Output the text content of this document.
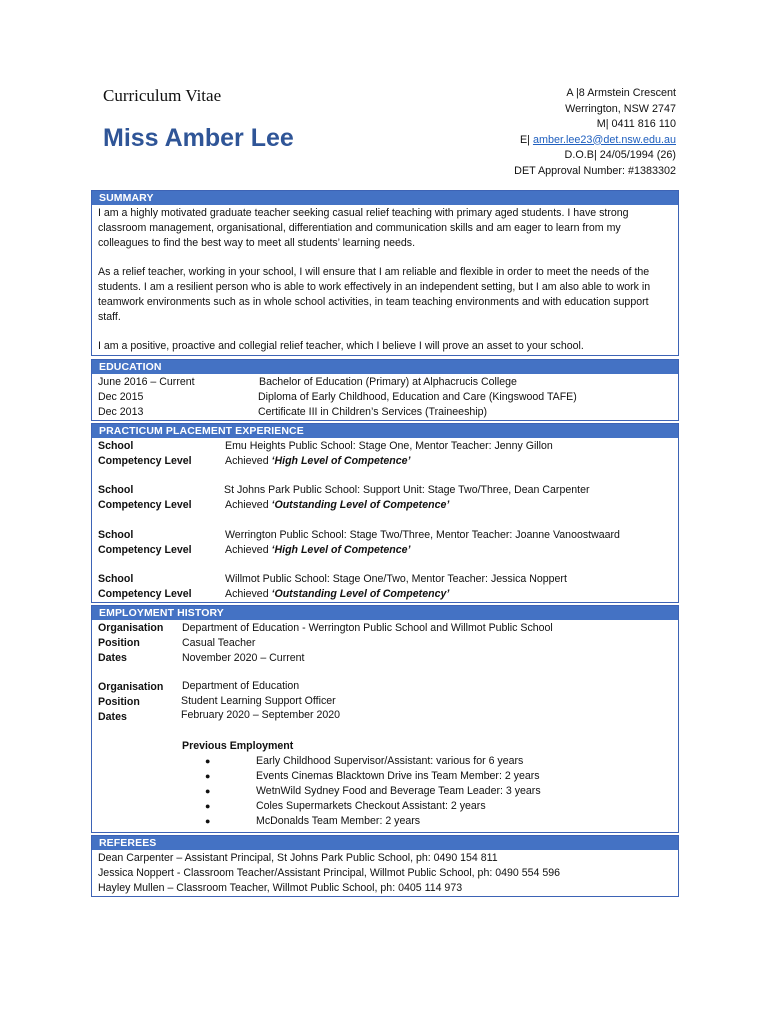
Curriculum Vitae
Miss Amber Lee
A |8 Armstein Crescent
Werrington, NSW 2747
M| 0411 816 110
E| amber.lee23@det.nsw.edu.au
D.O.B| 24/05/1994 (26)
DET Approval Number: #1383302
SUMMARY

I am a highly motivated graduate teacher seeking casual relief teaching with primary aged students. I have strong classroom management, organisational, differentiation and communication skills and am eager to learn from my colleagues to find the best way to meet all students’ learning needs.

As a relief teacher, working in your school, I will ensure that I am reliable and flexible in order to meet the needs of the students. I am a resilient person who is able to work effectively in an independent setting, but I am also able to work in teamwork environments such as in whole school activities, in team teaching environments and with education support staff.

I am a positive, proactive and collegial relief teacher, which I believe I will prove an asset to your school.

EDUCATION
June 2016 – Current	Bachelor of Education (Primary) at Alphacrucis College
Dec 2015	Diploma of Early Childhood, Education and Care (Kingswood TAFE)
Dec 2013	Certificate III in Children’s Services (Traineeship)
PRACTICUM PLACEMENT EXPERIENCE
School	Emu Heights Public School: Stage One, Mentor Teacher: Jenny Gillon
Competency Level	Achieved ‘High Level of Competence’
School	St Johns Park Public School: Support Unit: Stage Two/Three, Dean Carpenter
Competency Level	Achieved ‘Outstanding Level of Competence’
School	Werrington Public School: Stage Two/Three, Mentor Teacher: Joanne Vanoostwaard
Competency Level	Achieved ‘High Level of Competence’
School	Willmot Public School: Stage One/Two, Mentor Teacher: Jessica Noppert
Competency Level	Achieved ‘Outstanding Level of Competency’
EMPLOYMENT HISTORY
Organisation Department of Education - Werrington Public School and Willmot Public School
Position	Casual Teacher
Dates	November 2020 – Current
Organisation Department of Education
Position	Student Learning Support Officer
Dates	February 2020 – September 2020
Previous Employment
●	Early Childhood Supervisor/Assistant: various for 6 years
●	Events Cinemas Blacktown Drive ins Team Member: 2 years
●	WetnWild Sydney Food and Beverage Team Leader: 3 years
●	Coles Supermarkets Checkout Assistant: 2 years
●	McDonalds Team Member: 2 years
REFEREES
Dean Carpenter – Assistant Principal, St Johns Park Public School, ph: 0490 154 811
Jessica Noppert - Classroom Teacher/Assistant Principal, Willmot Public School, ph: 0490 554 596
Hayley Mullen – Classroom Teacher, Willmot Public School, ph: 0405 114 973
